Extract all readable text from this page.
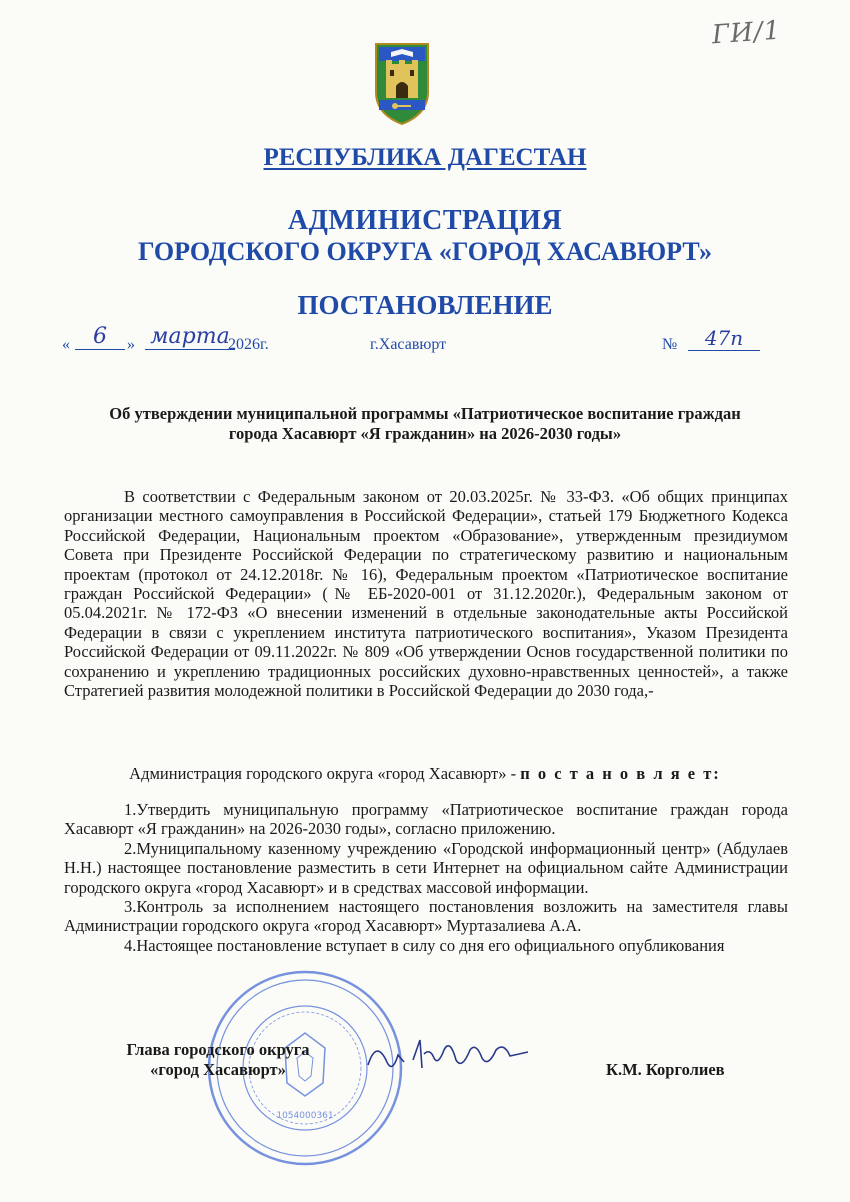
ГИ/1
РЕСПУБЛИКА ДАГЕСТАН
АДМИНИСТРАЦИЯ
ГОРОДСКОГО ОКРУГА «ГОРОД ХАСАВЮРТ»
ПОСТАНОВЛЕНИЕ
«	6	» марта
2026г.	г.Хасавюрт	№	47п
Об утверждении муниципальной программы «Патриотическое воспитание граждан города Хасавюрт «Я гражданин» на 2026-2030 годы»
В соответствии с Федеральным законом от 20.03.2025г. № 33-ФЗ. «Об общих принципах организации местного самоуправления в Российской Федерации», статьей 179 Бюджетного Кодекса Российской Федерации, Национальным проектом «Образование», утвержденным президиумом Совета при Президенте Российской Федерации по стратегическому развитию и национальным проектам (протокол от 24.12.2018г. № 16), Федеральным проектом «Патриотическое воспитание граждан Российской Федерации» (№ ЕБ-2020-001 от 31.12.2020г.), Федеральным законом от 05.04.2021г. № 172-ФЗ «О внесении изменений в отдельные законодательные акты Российской Федерации в связи с укреплением института патриотического воспитания», Указом Президента Российской Федерации от 09.11.2022г. № 809 «Об утверждении Основ государственной политики по сохранению и укреплению традиционных российских духовно-нравственных ценностей», а также Стратегией развития молодежной политики в Российской Федерации до 2030 года,-
Администрация городского округа «город Хасавюрт» - п о с т а н о в л я е т:

1.Утвердить муниципальную программу «Патриотическое воспитание граждан города Хасавюрт «Я гражданин» на 2026-2030 годы», согласно приложению.

2.Муниципальному казенному учреждению «Городской информационный центр» (Абдулаев Н.Н.) настоящее постановление разместить в сети Интернет на официальном сайте Администрации городского округа «город Хасавюрт» и в средствах массовой информации.

3.Контроль за исполнением настоящего постановления возложить на заместителя главы Администрации городского округа «город Хасавюрт» Муртазалиева А.А.

4.Настоящее постановление вступает в силу со дня его официального опубликования

1054000361
Глава городского округа
«город Хасавюрт»	К.М. Корголиев
